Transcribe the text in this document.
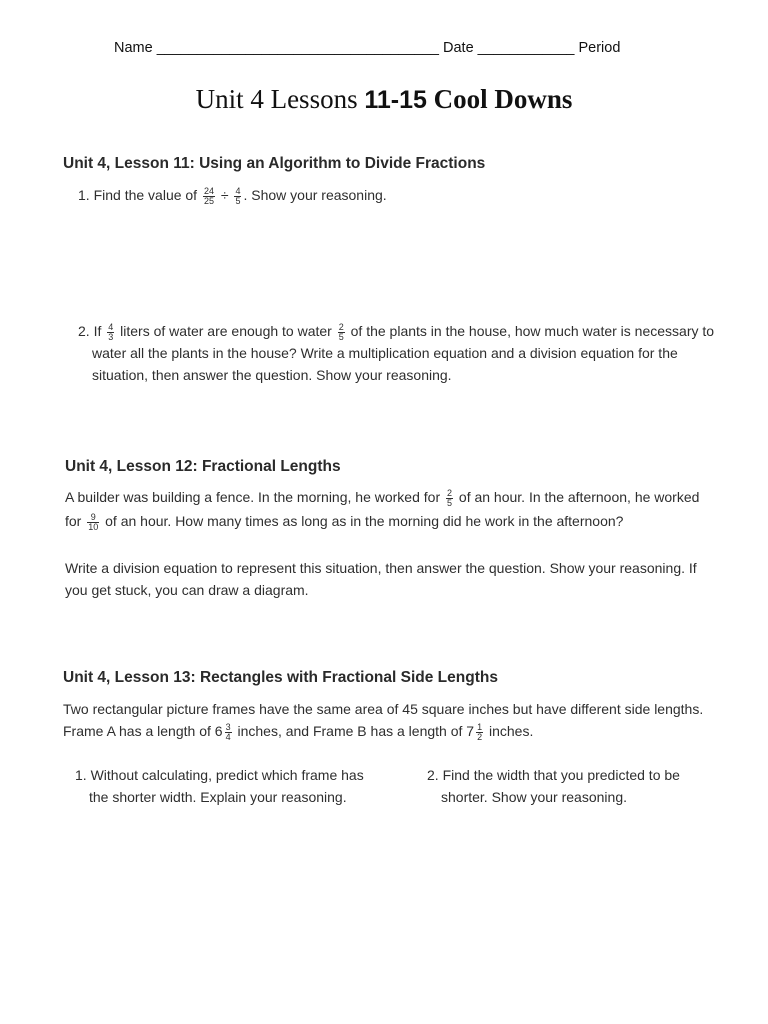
Name ___________________________________ Date ____________ Period
Unit 4 Lessons 11-15 Cool Downs
Unit 4, Lesson 11: Using an Algorithm to Divide Fractions
1. Find the value of $\frac{24}{25} \div \frac{4}{5}$ . Show your reasoning.
2. If $\frac{4}{3}$ liters of water are enough to water $\frac{2}{5}$ of the plants in the house, how much water is necessary to
water all the plants in the house? Write a multiplication equation and a division equation for the
situation, then answer the question. Show your reasoning.
Unit 4, Lesson 12: Fractional Lengths
A builder was building a fence. In the morning, he worked for $\frac{2}{5}$ of an hour. In the afternoon, he worked
for $\frac{9}{10}$ of an hour. How many times as long as in the morning did he work in the afternoon?
Write a division equation to represent this situation, then answer the question. Show your reasoning. If
you get stuck, you can draw a diagram.
Unit 4, Lesson 13: Rectangles with Fractional Side Lengths
Two rectangular picture frames have the same area of 45 square inches but have different side lengths.
Frame A has a length of $6 \frac{3}{4}$ inches, and Frame B has a length of $7 \frac{1}{2}$ inches.
1. Without calculating, predict which frame has
the shorter width. Explain your reasoning.
2. Find the width that you predicted to be
shorter. Show your reasoning.
